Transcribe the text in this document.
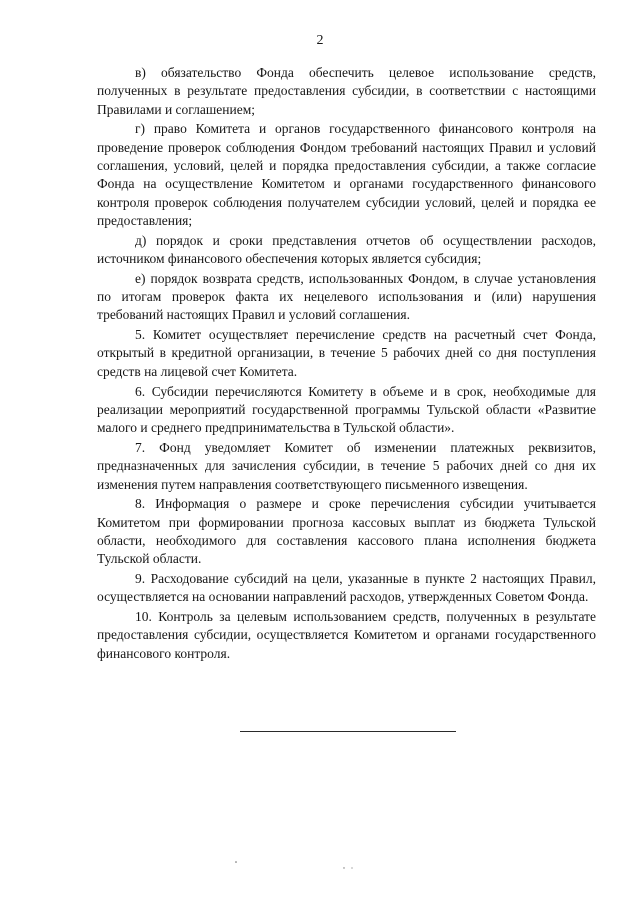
2

в) обязательство Фонда обеспечить целевое использование средств, полученных в результате предоставления субсидии, в соответствии с настоящими Правилами и соглашением;

г) право Комитета и органов государственного финансового контроля на проведение проверок соблюдения Фондом требований настоящих Правил и условий соглашения, условий, целей и порядка предоставления субсидии, а также согласие Фонда на осуществление Комитетом и органами государственного финансового контроля проверок соблюдения получателем субсидии условий, целей и порядка ее предоставления;

д) порядок и сроки представления отчетов об осуществлении расходов, источником финансового обеспечения которых является субсидия;

е) порядок возврата средств, использованных Фондом, в случае установления по итогам проверок факта их нецелевого использования и (или) нарушения требований настоящих Правил и условий соглашения.

5. Комитет осуществляет перечисление средств на расчетный счет Фонда, открытый в кредитной организации, в течение 5 рабочих дней со дня поступления средств на лицевой счет Комитета.

6. Субсидии перечисляются Комитету в объеме и в срок, необходимые для реализации мероприятий государственной программы Тульской области «Развитие малого и среднего предпринимательства в Тульской области».

7. Фонд уведомляет Комитет об изменении платежных реквизитов, предназначенных для зачисления субсидии, в течение 5 рабочих дней со дня их изменения путем направления соответствующего письменного извещения.

8. Информация о размере и сроке перечисления субсидии учитывается Комитетом при формировании прогноза кассовых выплат из бюджета Тульской области, необходимого для составления кассового плана исполнения бюджета Тульской области.

9. Расходование субсидий на цели, указанные в пункте 2 настоящих Правил, осуществляется на основании направлений расходов, утвержденных Советом Фонда.

10. Контроль за целевым использованием средств, полученных в результате предоставления субсидии, осуществляется Комитетом и органами государственного финансового контроля.
